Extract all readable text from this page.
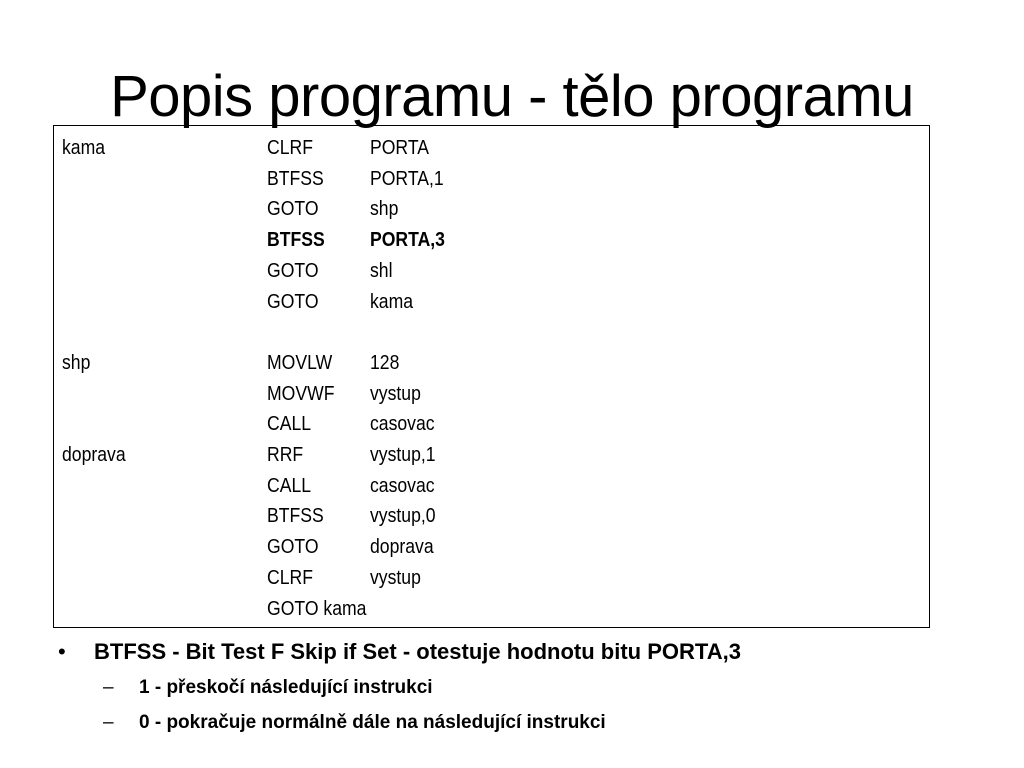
Popis programu - tělo programu
kama	CLRF	PORTA
BTFSS PORTA,1
GOTO	shp
BTFSS PORTA,3
GOTO	shl
GOTO	kama
shp	MOVLW 128
MOVWF vystup
CALL	casovac
doprava	RRF	vystup,1
CALL	casovac
BTFSS vystup,0
GOTO	doprava
CLRF	vystup
GOTO kama
• BTFSS - Bit Test F Skip if Set - otestuje hodnotu bitu PORTA,3
– 1 - přeskočí následující instrukci
– 0 - pokračuje normálně dále na následující instrukci
